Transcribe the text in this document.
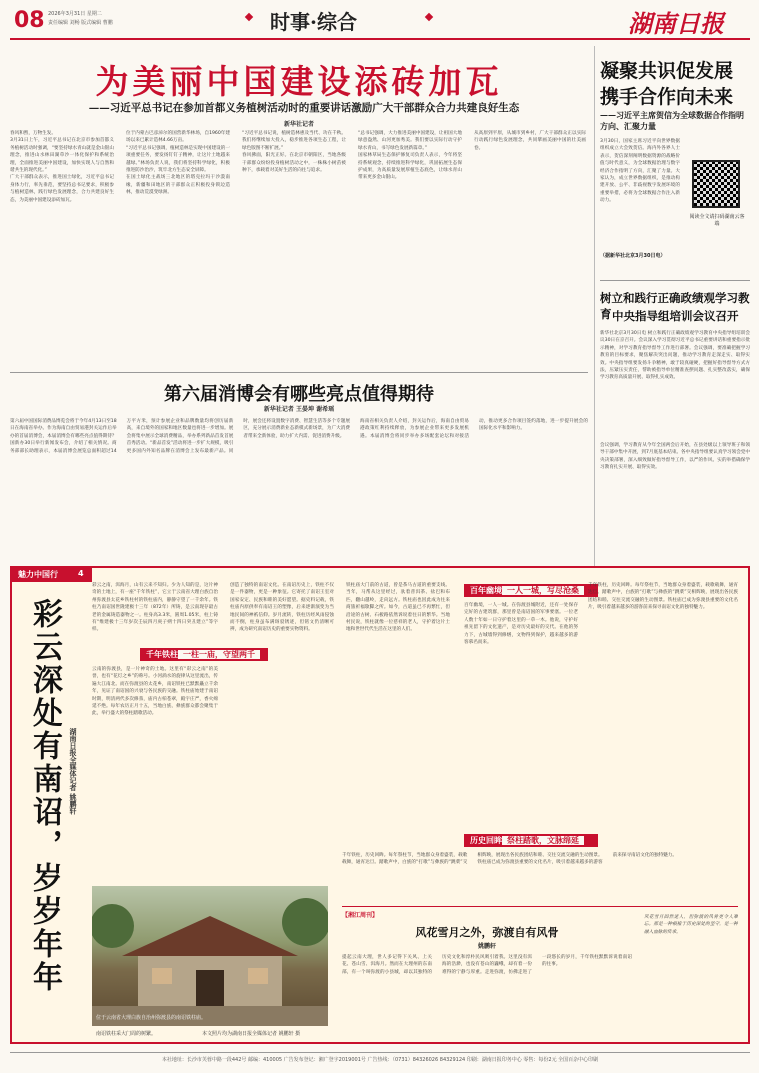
08 2026年3月31日 星期二
责任编辑 刘畅 版式编辑 曹鹏	时事·综合	湖南日报
为美丽中国建设添砖加瓦
——习近平总书记在参加首都义务植树活动时的重要讲话激励广大干部群众合力共建良好生态
新华社记者

春风和煦，万物生发。

3月31日上午，习近平总书记在北京市参加首都义务植树活动时强调，“要坚持绿水青山就是金山银山理念，推进山水林田湖草沙一体化保护和系统治理，全面推进美丽中国建设，加快实现人与自然和谐共生的现代化。”

广大干部群众表示，推进国土绿化，习近平总书记身体力行，率先垂范，要坚持总书记要求，积极参与植树造林，践行绿色发展理念，合力共建良好生态，为美丽中国建设添砖加瓦。

位于内蒙古巴彦淖尔的国营新华林场，自1960年建场以来已累计造林4.66万亩。

“习近平总书记强调，植树造林是实现中国建设的一项重要任务，要发扬钉钉子精神，让这片土地越来越绿。”林场负责人说，我们将坚持科学绿化，积极推进防沙治沙，筑牢北方生态安全屏障。

在国土绿化主战场三北地区的塔克拉玛干沙漠南缘，新疆和田地区的干部群众正积极投身锁边造林，推动荒漠变绿洲。

“习近平总书记说，植树造林惠及当代、功在千秋。我们将继续加大投入，稳步推进各项生态工程，让绿色版图不断扩展。”

春风拂面，阳光正好。在北京市朝阳区，当地各级干部群众纷纷投身植树活动之中，一株株小树苗被种下，承载着对美好生活的向往与追求。

“总书记强调，大力推进美丽中国建设，让祖国大地绿意盎然、山河更加秀美。我们要以实际行动守护绿水青山，书写绿色发展新篇章。”

国家林草局生态保护修复司负责人表示，今年将坚持系统观念，持续推进科学绿化，巩固拓展生态保护成果，为高质量发展厚植生态底色，让绿水青山带来更多金山银山。

从高原到平原，从城市到乡村，广大干部群众正以实际行动践行绿色发展理念，共同擘画美丽中国的壮美画卷。

凝聚共识促发展
携手合作向未来
——习近平主席贺信为全球数据合作指明方向、汇聚力量
3月30日，国家主席习近平向世界数据组织成立大会致贺信。海内外各界人士表示，贺信深刻阐明数据资源的战略价值与时代意义，为全球数据治理与数字经济合作指明了方向，汇聚了力量。大家认为，成立世界数据组织，是推动构建开放、公平、非歧视数字发展环境的重要举措，必将为全球数据合作注入新动力。
阅读全文请扫码湖南云客端
（据新华社北京3月30日电）
树立和践行正确政绩观学习教育 中央指导组培训会议召开
新华社北京3月30日电 树立和践行正确政绩观学习教育中央指导组培训会议30日在京召开。会议深入学习贯彻习近平总书记重要讲话和重要指示批示精神，对学习教育指导督导工作进行部署。会议强调，要准确把握学习教育的目标要求，聚焦解决突出问题，推动学习教育走深走实、取得实效。中央指导组要发扬斗争精神，敢于较真碰硬，把握好指导督导方式方法，压紧压实责任，帮助被指导单位精准查摆问题、扎实整改落实，确保学习教育高质量开展、取得扎实成效。
会议强调，学习教育从今年全国两会后开始，在县处级以上领导班子和领导干部中集中开展，到7月底基本结束。各中央指导组要认真学习领会党中央决策部署，深入细致做好指导督导工作，以严的作风、实的举措确保学习教育扎实开展、取得实效。
第六届消博会有哪些亮点值得期待
新华社记者 王晏坤 谢希瑶
第六届中国国际消费品博览会将于今年4月13日至18日在海南省举办。作为海南自由贸易港封关运作后举办的首届消博会，本届消博会有哪些亮点值得期待？国新办30日举行新闻发布会，介绍了相关情况。商务部部长助理表示，本届消博会展览总面积超过14万平方米，预计参展企业和品牌数量均将创历届新高，来自境外的国家和地区数量也将进一步增加。展会将集中展示全球消费精品，举办系列新品首发首展首秀活动。“新品首发”活动将进一步扩大规模，吸引更多国内外知名品牌在消博会上发布最新产品。同时，展会还将设置数字消费、智慧生活等多个专题展区，充分展示消费新业态新模式新场景，为广大消费者带来全新体验，助力扩大内需、促进消费升级。
海南省相关负责人介绍，封关运作后，海南自由贸易港政策红利持续释放，为参展企业带来更多发展机遇。本届消博会将同步举办多场配套论坛和对接活动，推动更多合作项目签约落地，进一步提升展会的国际化水平和影响力。
魅力中国行	4
彩云深处有南诏，岁岁年年	湖南日报全媒体记者 姚鹏轩
彩云之南，洱海月，山有云来不知归。少为人知的是，这片神奇的土地上，有一座“千年铁柱”，它立于云南省大理白族自治州弥渡县太花乡铁柱村的铁柱庙内，静静守望了一千余年。铁柱乃南诏国世隆建极十三年（872年）所铸，是云南现存最古老的金属铸造器物之一。柱身高3.3米，圆周1.05米，柱上铸有“维建极十三年岁次壬辰四月庚子朔十四日癸丑建立”等字样。
云南的弥渡县，是一片神奇的土地。这里有“彩云之南”的美誉，也有“花灯之乡”的称号。小河淌水的旋律从这里流出，传遍大江南北。而在弥渡县的太花乡，南诏铁柱已默默矗立千余年，见证了南诏国的兴衰与各民族的交融。铁柱庙始建于南诏时期，明清两代多次修葺，庙内古柏苍翠，殿宇庄严，香火绵延不绝。每年农历正月十五，当地白族、彝族群众都会聚集于此，举行盛大的祭柱踏歌活动。
千年铁柱 一柱一庙，守望两千
创造了独特的南诏文化。在南诏历史上，铁柱不仅是一件器物，更是一种象征。它寄托了南诏王室对国家安定、民族和睦的美好愿望。据史料记载，铁柱庙内原供奉有南诏王的塑像，后来逐渐演变为当地民间的神祇信仰。岁月流转，铁柱历经风雨侵蚀而不倒，柱身虽布满斑驳锈迹，但铭文仍清晰可辨，成为研究南诏历史的重要实物资料。
铁柱庙大门前的古道，曾是茶马古道的重要支线。当年，马帮从这里经过，驮着普洱茶、盐巴和布匹，翻山越岭，走向远方。铁柱庙也因此成为往来商旅祈福歇脚之所。如今，古道虽已不再繁忙，但沿途的古树、石板路依然诉说着往日的繁华。当地村民说，铁柱就像一位慈祥的老人，守护着这片土地和世世代代生活在这里的人们。
百年幽境 一人一城，写尽沧桑
百年幽境，一人一城。在弥渡县城附近，还有一处保存完好的古建筑群，那里曾是南诏国的军事要塞。一位老人数十年如一日守护着这里的一草一木。他说，守护好祖先留下的文化遗产，是对历史最好的交代。在他的努力下，古城墙得到修缮，文物得到保护，越来越多的游客慕名而来。
千年铁柱，历史回眸。每年祭柱节，当地群众身着盛装，载歌载舞，通宵达旦。踏歌声中，白族的“打歌”与彝族的“跳菜”交相辉映，展现出各民族团结和睦、交往交流交融的生动图景。铁柱庙已成为弥渡县重要的文化名片，吸引着越来越多的游客前来探寻南诏文化的独特魅力。
历史回眸 祭柱踏歌，文脉绵延
千年铁柱，历史回眸。每年祭柱节，当地群众身着盛装，载歌载舞，通宵达旦。踏歌声中，白族的“打歌”与彝族的“跳菜”交相辉映，展现出各民族团结和睦、交往交流交融的生动图景。铁柱庙已成为弥渡县重要的文化名片，吸引着越来越多的游客前来探寻南诏文化的独特魅力。
位于云南省大理白族自治州弥渡县的南诏铁柱庙。
南诏铁柱采大门周的树繁。	本文照片均为湖南日报全媒体记者 姚鹏轩 摄
【湘江周刊】
风花雪月之外，弥渡自有风骨
姚鹏轩
提起云南大理，世人多记得下关风、上关花、苍山雪、洱海月。然而在大理州的东南部，有一个叫弥渡的小县城，却以其独特的历史文化和淳朴民风吸引着我。这里没有洱海的浩渺，也没有苍山的巍峨，却有着一份难得的宁静与厚重。走进弥渡，仿佛走进了一段悠长的岁月，千年铁柱默默诉说着南诏的往事。
风花雪月固然迷人，但弥渡的风骨更令人难忘。那是一种根植于历史深处的坚守，是一种融入血脉的传承。
本社地址：长沙市芙蓉中路一段442号 邮编：410005 广告发布登记：湘广登字2019001号 广告热线：（0731）84326026 84329124 印刷：湖南日报印务中心 零售：每份2元 全国百杂中心印刷
